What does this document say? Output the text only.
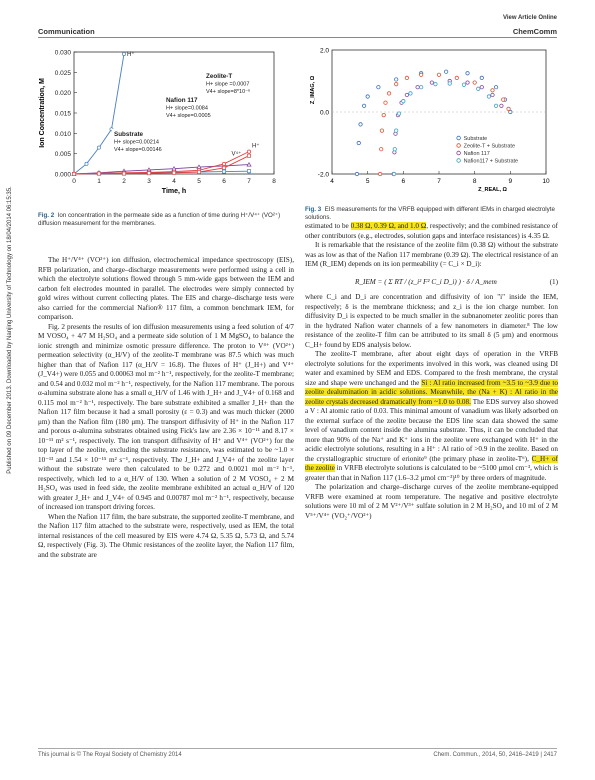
View Article Online
Communication	ChemComm
Published on 09 December 2013. Downloaded by Nanjing University of Technology on 18/04/2014 06:15:35.
0.000
0.005
0.010
0.015
0.020
0.025
0.030
0	1	2	3	4	5	6	7	8
Time, h
Ion Concentration, M
Zeolite-T
H+ slope =0.0007
V4+ slope=8*10⁻⁶
Nafion 117
H+ slope=0.0084
V4+ slope=0.0005
Substrate
H+ slope=0.00214
V4+ slope=0.00146
H⁺
H⁺
V⁴⁺
Fig. 2 Ion concentration in the permeate side as a function of time during H⁺/V⁴⁺ (VO²⁺) diffusion measurement for the membranes.
2.0
0.0
-2.0
4	5	6	7	8	9	10
Z_REAL, Ω
Z_IMAG, Ω
Substrate
Zeolite-T + Substrate
Nafion 117
Nafion117 + Substrate
Fig. 3 EIS measurements for the VRFB equipped with different IEMs in charged electrolyte solutions.

The H⁺/V⁴⁺ (VO²⁺) ion diffusion, electrochemical impedance spectroscopy (EIS), RFB polarization, and charge–discharge measurements were performed using a cell in which the electrolyte solutions flowed through 5 mm-wide gaps between the IEM and carbon felt electrodes mounted in parallel. The electrodes were simply connected by gold wires without current collecting plates. The EIS and charge–discharge tests were also carried for the commercial Nafion® 117 film, a common benchmark IEM, for comparison.

Fig. 2 presents the results of ion diffusion measurements using a feed solution of 4/7 M VOSO₄ + 4/7 M H₂SO₄ and a permeate side solution of 1 M MgSO₄ to balance the ionic strength and minimize osmotic pressure difference. The proton to V⁴⁺ (VO²⁺) permeation selectivity (α_H/V) of the zeolite-T membrane was 87.5 which was much higher than that of Nafion 117 (α_H/V = 16.8). The fluxes of H⁺ (J_H+) and V⁴⁺ (J_V4+) were 0.055 and 0.00063 mol m⁻² h⁻¹, respectively, for the zeolite-T membrane; and 0.54 and 0.032 mol m⁻² h⁻¹, respectively, for the Nafion 117 membrane. The porous α-alumina substrate alone has a small α_H/V of 1.46 with J_H+ and J_V4+ of 0.168 and 0.115 mol m⁻² h⁻¹, respectively. The bare substrate exhibited a smaller J_H+ than the Nafion 117 film because it had a small porosity (ε = 0.3) and was much thicker (2000 μm) than the Nafion film (180 μm). The transport diffusivity of H⁺ in the Nafion 117 and porous α-alumina substrates obtained using Fick's law are 2.36 × 10⁻¹¹ and 8.17 × 10⁻¹¹ m² s⁻¹, respectively. The ion transport diffusivity of H⁺ and V⁴⁺ (VO²⁺) for the top layer of the zeolite, excluding the substrate resistance, was estimated to be ~1.0 × 10⁻¹³ and 1.54 × 10⁻¹⁵ m² s⁻¹, respectively. The J_H+ and J_V4+ of the zeolite layer without the substrate were then calculated to be 0.272 and 0.0021 mol m⁻² h⁻¹, respectively, which led to a α_H/V of 130. When a solution of 2 M VOSO₄ + 2 M H₂SO₄ was used in feed side, the zeolite membrane exhibited an actual α_H/V of 120 with greater J_H+ and J_V4+ of 0.945 and 0.00787 mol m⁻² h⁻¹, respectively, because of increased ion transport driving forces.

When the Nafion 117 film, the bare substrate, the supported zeolite-T membrane, and the Nafion 117 film attached to the substrate were, respectively, used as IEM, the total internal resistances of the cell measured by EIS were 4.74 Ω, 5.35 Ω, 5.73 Ω, and 5.74 Ω, respectively (Fig. 3). The Ohmic resistances of the zeolite layer, the Nafion 117 film, and the substrate are

estimated to be 0.38 Ω, 0.39 Ω, and 1.0 Ω, respectively; and the combined resistance of other contributors (e.g., electrodes, solution gaps and interface resistances) is 4.35 Ω.

It is remarkable that the resistance of the zeolite film (0.38 Ω) without the substrate was as low as that of the Nafion 117 membrane (0.39 Ω). The electrical resistance of an IEM (R_IEM) depends on its ion permeability (= C_i × D_i):

R_IEM = ( Σ RT / (z_i² F² C_i D_i) ) · δ / A_mem	(1)

where C_i and D_i are concentration and diffusivity of ion "i" inside the IEM, respectively; δ is the membrane thickness; and z_i is the ion charge number. Ion diffusivity D_i is expected to be much smaller in the subnanometer zeolitic pores than in the hydrated Nafion water channels of a few nanometers in diameter.⁸ The low resistance of the zeolite-T film can be attributed to its small δ (5 μm) and enormous C_H+ found by EDS analysis below.

The zeolite-T membrane, after about eight days of operation in the VRFB electrolyte solutions for the experiments involved in this work, was cleaned using DI water and examined by SEM and EDS. Compared to the fresh membrane, the crystal size and shape were unchanged and the Si : Al ratio increased from ~3.5 to ~3.9 due to zeolite dealumination in acidic solutions. Meanwhile, the (Na + K) : Al ratio in the zeolite crystals decreased dramatically from ~1.0 to 0.08. The EDS survey also showed a V : Al atomic ratio of 0.03. This minimal amount of vanadium was likely adsorbed on the external surface of the zeolite because the EDS line scan data showed the same level of vanadium content inside the alumina substrate. Thus, it can be concluded that more than 90% of the Na⁺ and K⁺ ions in the zeolite were exchanged with H⁺ in the acidic electrolyte solutions, resulting in a H⁺ : Al ratio of >0.9 in the zeolite. Based on the crystallographic structure of erionite⁹ (the primary phase in zeolite-T⁶), C_H+ of the zeolite in VRFB electrolyte solutions is calculated to be ~5100 μmol cm⁻³, which is greater than that in Nafion 117 (1.6–3.2 μmol cm⁻³)¹⁰ by three orders of magnitude.

The polarization and charge–discharge curves of the zeolite membrane-equipped VRFB were examined at room temperature. The negative and positive electrolyte solutions were 10 ml of 2 M V²⁺/V³⁺ sulfate solution in 2 M H₂SO₄ and 10 ml of 2 M V⁵⁺/V⁴⁺ (VO₂⁺/VO²⁺)

This journal is © The Royal Society of Chemistry 2014	Chem. Commun., 2014, 50, 2416–2419 | 2417
